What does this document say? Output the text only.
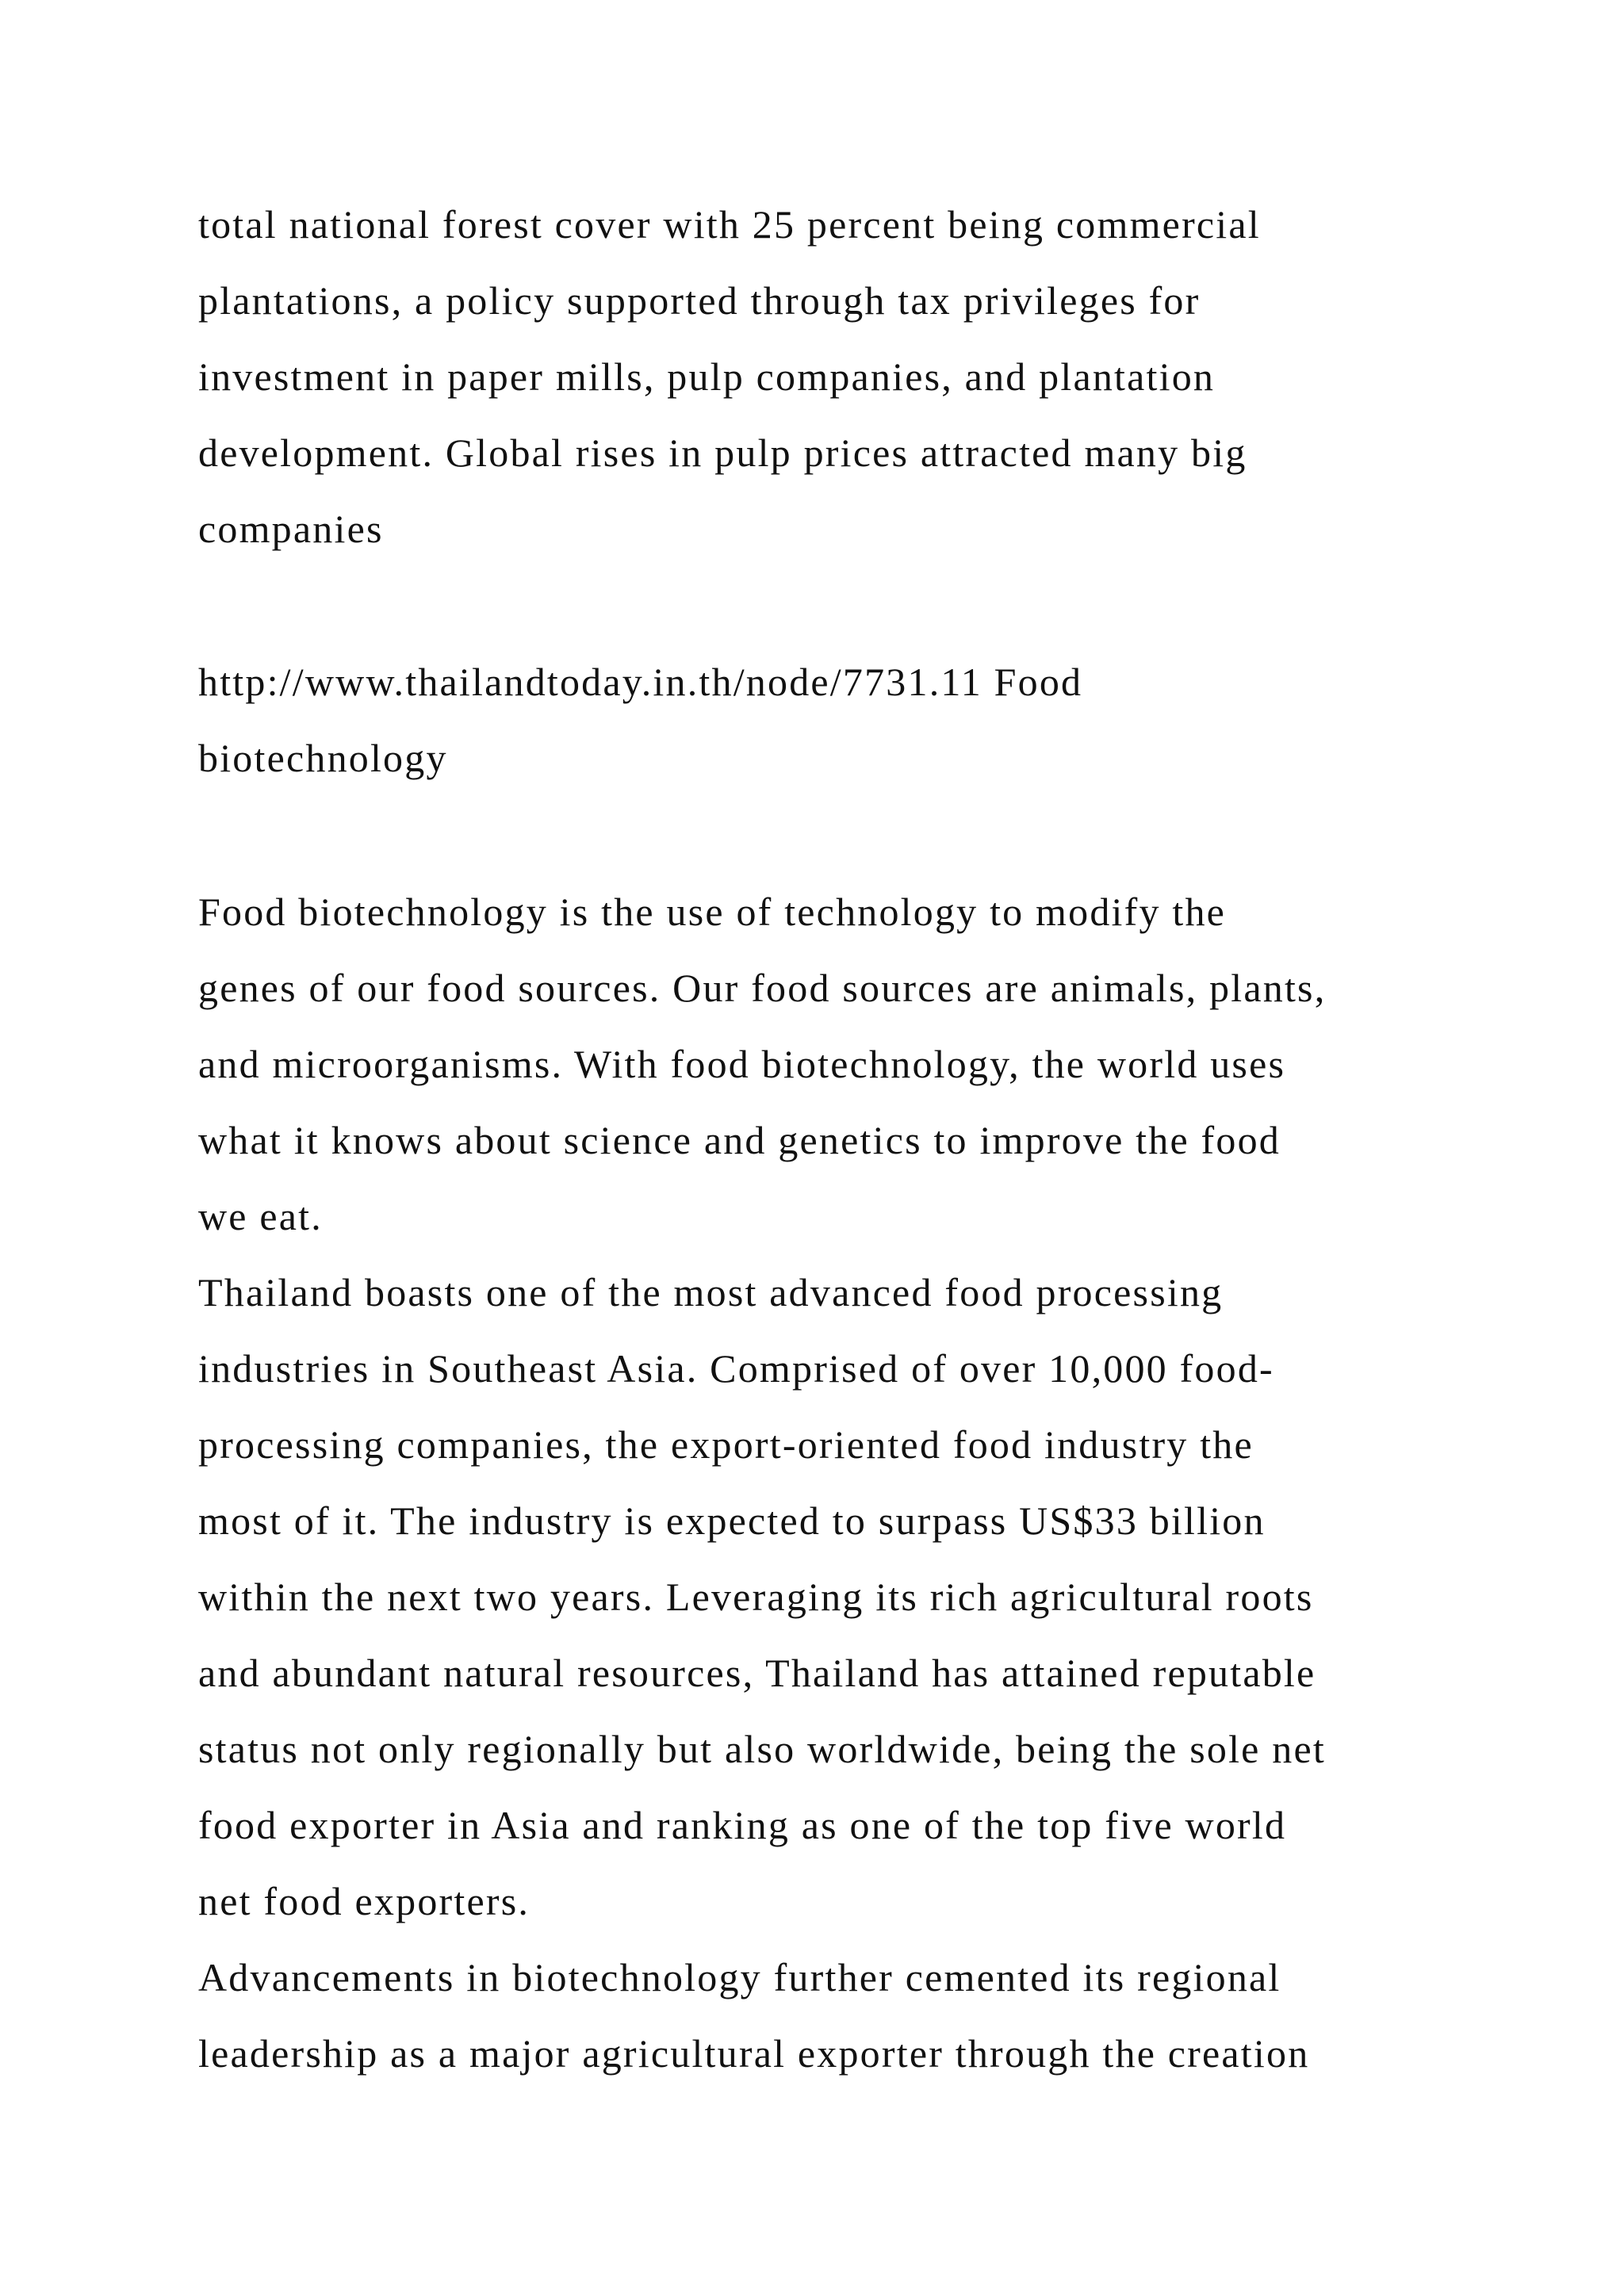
total national forest cover with 25 percent being commercial
plantations, a policy supported through tax privileges for
investment in paper mills, pulp companies, and plantation
development. Global rises in pulp prices attracted many big
companies

http://www.thailandtoday.in.th/node/7731.11 Food
biotechnology

Food biotechnology is the use of technology to modify the
genes of our food sources. Our food sources are animals, plants,
and microorganisms. With food biotechnology, the world uses
what it knows about science and genetics to improve the food
we eat.
Thailand boasts one of the most advanced food processing
industries in Southeast Asia. Comprised of over 10,000 food-
processing companies, the export-oriented food industry the
most of it. The industry is expected to surpass US$33 billion
within the next two years. Leveraging its rich agricultural roots
and abundant natural resources, Thailand has attained reputable
status not only regionally but also worldwide, being the sole net
food exporter in Asia and ranking as one of the top five world
net food exporters.
Advancements in biotechnology further cemented its regional
leadership as a major agricultural exporter through the creation
